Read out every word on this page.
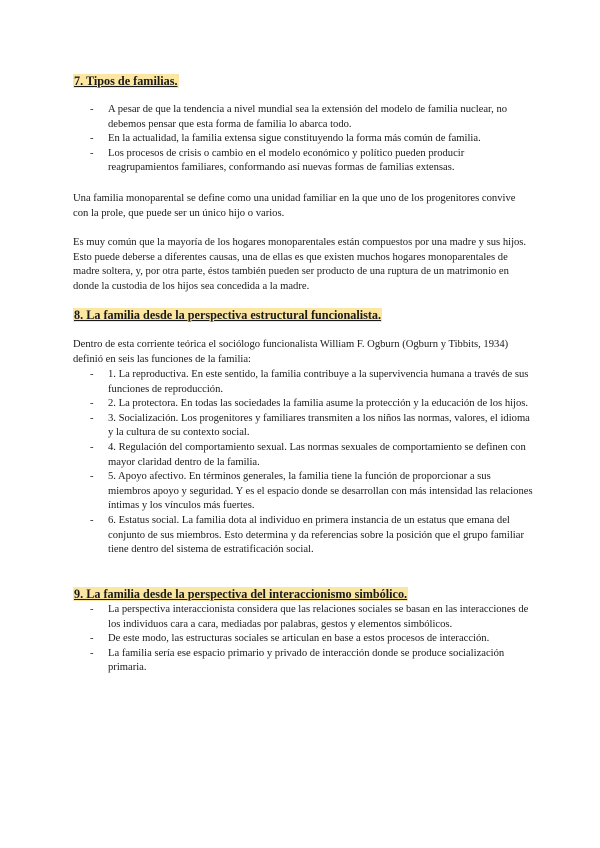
7. Tipos de familias.
- A pesar de que la tendencia a nivel mundial sea la extensión del modelo de familia nuclear, no debemos pensar que esta forma de familia lo abarca todo.
- En la actualidad, la familia extensa sigue constituyendo la forma más común de familia.
- Los procesos de crisis o cambio en el modelo económico y político pueden producir reagrupamientos familiares, conformando así nuevas formas de familias extensas.

Una familia monoparental se define como una unidad familiar en la que uno de los progenitores convive con la prole, que puede ser un único hijo o varios.

Es muy común que la mayoría de los hogares monoparentales están compuestos por una madre y sus hijos. Esto puede deberse a diferentes causas, una de ellas es que existen muchos hogares monoparentales de madre soltera, y, por otra parte, éstos también pueden ser producto de una ruptura de un matrimonio en donde la custodia de los hijos sea concedida a la madre.

8. La familia desde la perspectiva estructural funcionalista.

Dentro de esta corriente teórica el sociólogo funcionalista William F. Ogburn (Ogburn y Tibbits, 1934) definió en seis las funciones de la familia:

- 1. La reproductiva. En este sentido, la familia contribuye a la supervivencia humana a través de sus funciones de reproducción.
- 2. La protectora. En todas las sociedades la familia asume la protección y la educación de los hijos.
- 3. Socialización. Los progenitores y familiares transmiten a los niños las normas, valores, el idioma y la cultura de su contexto social.
- 4. Regulación del comportamiento sexual. Las normas sexuales de comportamiento se definen con mayor claridad dentro de la familia.
- 5. Apoyo afectivo. En términos generales, la familia tiene la función de proporcionar a sus miembros apoyo y seguridad. Y es el espacio donde se desarrollan con más intensidad las relaciones íntimas y los vínculos más fuertes.
- 6. Estatus social. La familia dota al individuo en primera instancia de un estatus que emana del conjunto de sus miembros. Esto determina y da referencias sobre la posición que el grupo familiar tiene dentro del sistema de estratificación social.
9. La familia desde la perspectiva del interaccionismo simbólico.
- La perspectiva interaccionista considera que las relaciones sociales se basan en las interacciones de los individuos cara a cara, mediadas por palabras, gestos y elementos simbólicos.
- De este modo, las estructuras sociales se articulan en base a estos procesos de interacción.
- La familia sería ese espacio primario y privado de interacción donde se produce socialización primaria.
